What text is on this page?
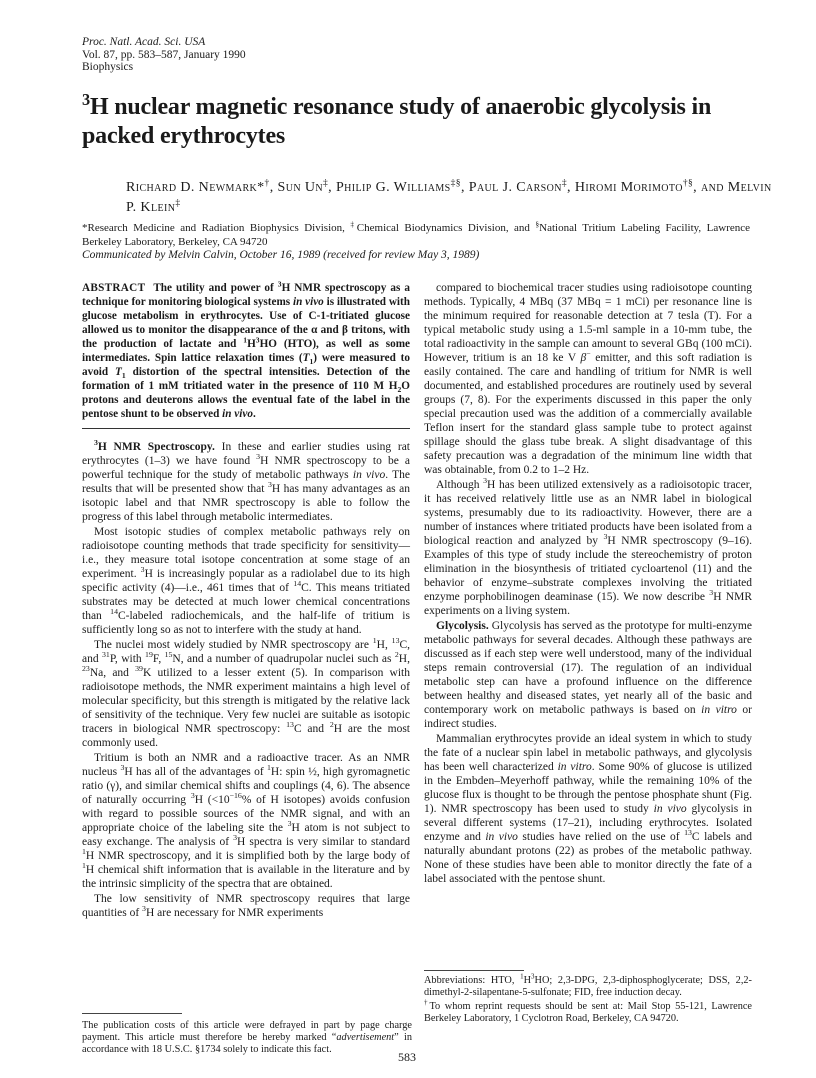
Proc. Natl. Acad. Sci. USA
Vol. 87, pp. 583–587, January 1990
Biophysics
$^3$H nuclear magnetic resonance study of anaerobic glycolysis in packed erythrocytes
Richard D. Newmark*†, Sun Un‡, Philip G. Williams‡§, Paul J. Carson‡, Hiromi Morimoto†§, and Melvin P. Klein‡
*Research Medicine and Radiation Biophysics Division, ‡Chemical Biodynamics Division, and §National Tritium Labeling Facility, Lawrence Berkeley Laboratory, Berkeley, CA 94720
Communicated by Melvin Calvin, October 16, 1989 (received for review May 3, 1989)
ABSTRACT The utility and power of $^3$H NMR spectroscopy as a technique for monitoring biological systems in vivo is illustrated with glucose metabolism in erythrocytes. Use of C-1-tritiated glucose allowed us to monitor the disappearance of the α and β tritons, with the production of lactate and $^1H^3HO$ (HTO), as well as some intermediates. Spin lattice relaxation times $(T_1)$ were measured to avoid $T_1$ distortion of the spectral intensities. Detection of the formation of 1 mM tritiated water in the presence of 110 M $H_2O$ protons and deuterons allows the eventual fate of the label in the pentose shunt to be observed in vivo.

$^3$H NMR Spectroscopy. In these and earlier studies using rat erythrocytes (1–3) we have found $^3$H NMR spectroscopy to be a powerful technique for the study of metabolic pathways in vivo. The results that will be presented show that $^3$H has many advantages as an isotopic label and that NMR spectroscopy is able to follow the progress of this label through metabolic intermediates.

Most isotopic studies of complex metabolic pathways rely on radioisotope counting methods that trade specificity for sensitivity—i.e., they measure total isotope concentration at some stage of an experiment. $^3$H is increasingly popular as a radiolabel due to its high specific activity (4)—i.e., 461 times that of $^{14}$C. This means tritiated substrates may be detected at much lower chemical concentrations than $^{14}$C-labeled radiochemicals, and the half-life of tritium is sufficiently long so as not to interfere with the study at hand.

The nuclei most widely studied by NMR spectroscopy are $^1$H, $^{13}$C, and $^{31}$P, with $^{19}$F, $^{15}$N, and a number of quadrupolar nuclei such as $^2$H, $^{23}$Na, and $^{39}$K utilized to a lesser extent (5). In comparison with radioisotope methods, the NMR experiment maintains a high level of molecular specificity, but this strength is mitigated by the relative lack of sensitivity of the technique. Very few nuclei are suitable as isotopic tracers in biological NMR spectroscopy: $^{13}$C and $^2$H are the most commonly used.

Tritium is both an NMR and a radioactive tracer. As an NMR nucleus $^3$H has all of the advantages of $^1$H: spin ½, high gyromagnetic ratio (γ), and similar chemical shifts and couplings (4, 6). The absence of naturally occurring $^3$H ($<10^{-16}\%$ of H isotopes) avoids confusion with regard to possible sources of the NMR signal, and with an appropriate choice of the labeling site the $^3$H atom is not subject to easy exchange. The analysis of $^3$H spectra is very similar to standard $^1$H NMR spectroscopy, and it is simplified both by the large body of $^1$H chemical shift information that is available in the literature and by the intrinsic simplicity of the spectra that are obtained.

The low sensitivity of NMR spectroscopy requires that large quantities of $^3$H are necessary for NMR experiments

compared to biochemical tracer studies using radioisotope counting methods. Typically, 4 MBq (37 MBq = 1 mCi) per resonance line is the minimum required for reasonable detection at 7 tesla (T). For a typical metabolic study using a 1.5-ml sample in a 10-mm tube, the total radioactivity in the sample can amount to several GBq (100 mCi). However, tritium is an 18 ke V β− emitter, and this soft radiation is easily contained. The care and handling of tritium for NMR is well documented, and established procedures are routinely used by several groups (7, 8). For the experiments discussed in this paper the only special precaution used was the addition of a commercially available Teflon insert for the standard glass sample tube to protect against spillage should the glass tube break. A slight disadvantage of this safety precaution was a degradation of the minimum line width that was obtainable, from 0.2 to 1–2 Hz.

Although $^3$H has been utilized extensively as a radioisotopic tracer, it has received relatively little use as an NMR label in biological systems, presumably due to its radioactivity. However, there are a number of instances where tritiated products have been isolated from a biological reaction and analyzed by $^3$H NMR spectroscopy (9–16). Examples of this type of study include the stereochemistry of proton elimination in the biosynthesis of tritiated cycloartenol (11) and the behavior of enzyme–substrate complexes involving the tritiated enzyme porphobilinogen deaminase (15). We now describe $^3$H NMR experiments on a living system.

Glycolysis. Glycolysis has served as the prototype for multi-enzyme metabolic pathways for several decades. Although these pathways are discussed as if each step were well understood, many of the individual steps remain controversial (17). The regulation of an individual metabolic step can have a profound influence on the difference between healthy and diseased states, yet nearly all of the basic and contemporary work on metabolic pathways is based on in vitro or indirect studies.

Mammalian erythrocytes provide an ideal system in which to study the fate of a nuclear spin label in metabolic pathways, and glycolysis has been well characterized in vitro. Some 90% of glucose is utilized in the Embden–Meyerhoff pathway, while the remaining 10% of the glucose flux is thought to be through the pentose phosphate shunt (Fig. 1). NMR spectroscopy has been used to study in vivo glycolysis in several different systems (17–21), including erythrocytes. Isolated enzyme and in vivo studies have relied on the use of $^{13}$C labels and naturally abundant protons (22) as probes of the metabolic pathway. None of these studies have been able to monitor directly the fate of a label associated with the pentose shunt.

Abbreviations: HTO, $^1H^3HO$; 2,3-DPG, 2,3-diphosphoglycerate; DSS, 2,2-dimethyl-2-silapentane-5-sulfonate; FID, free induction decay.

†To whom reprint requests should be sent at: Mail Stop 55-121, Lawrence Berkeley Laboratory, 1 Cyclotron Road, Berkeley, CA 94720.

The publication costs of this article were defrayed in part by page charge payment. This article must therefore be hereby marked “advertisement” in accordance with 18 U.S.C. §1734 solely to indicate this fact.
583
